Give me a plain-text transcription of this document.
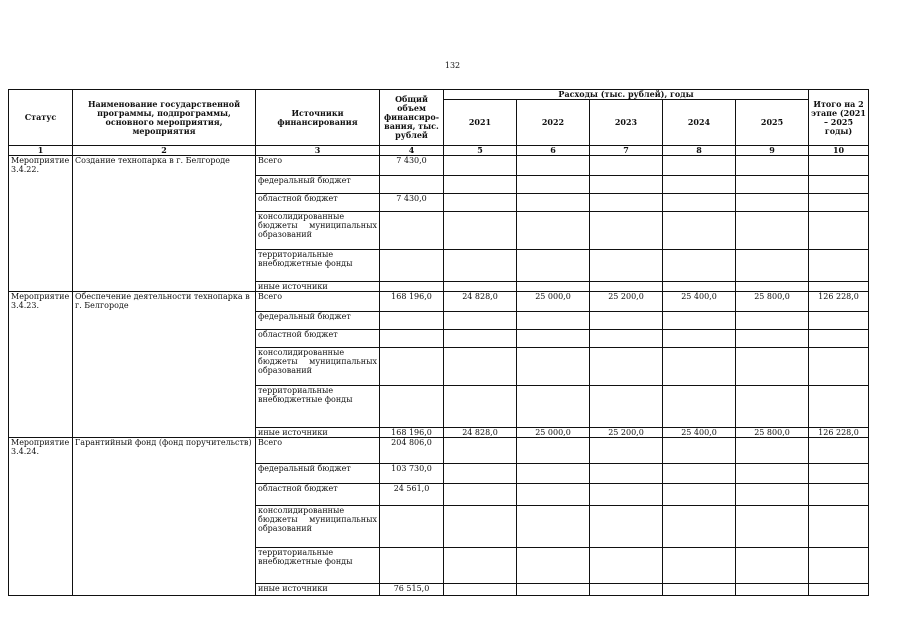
132
Статус	Наименование государственной программы, подпрограммы, основного мероприятия, мероприятия	Источники финансирования	Общий объем финансиро-вания, тыс. рублей	Расходы (тыс. рублей), годы					Итого на 2 этапе (2021 – 2025 годы)
				2021	2022	2023	2024	2025	
1	2	3	4	5	6	7	8	9	10
Мероприятие 3.4.22.	Создание технопарка в г. Белгороде	Всего	7 430,0						
		федеральный бюджет							
		областной бюджет	7 430,0						

		консолидированные бюджеты муниципальных образований							

		территориальные внебюджетные фонды							
		иные источники							
Мероприятие 3.4.23.	Обеспечение деятельности технопарка в г. Белгороде	Всего	168 196,0	24 828,0	25 000,0	25 200,0	25 400,0	25 800,0	126 228,0
		федеральный бюджет							
		областной бюджет							

		консолидированные бюджеты муниципальных образований							

		территориальные внебюджетные фонды							
		иные источники	168 196,0	24 828,0	25 000,0	25 200,0	25 400,0	25 800,0	126 228,0
Мероприятие 3.4.24.	Гарантийный фонд (фонд поручительств)	Всего	204 806,0						
		федеральный бюджет	103 730,0						
		областной бюджет	24 561,0						

		консолидированные бюджеты муниципальных образований							

		территориальные внебюджетные фонды							
		иные источники	76 515,0						
